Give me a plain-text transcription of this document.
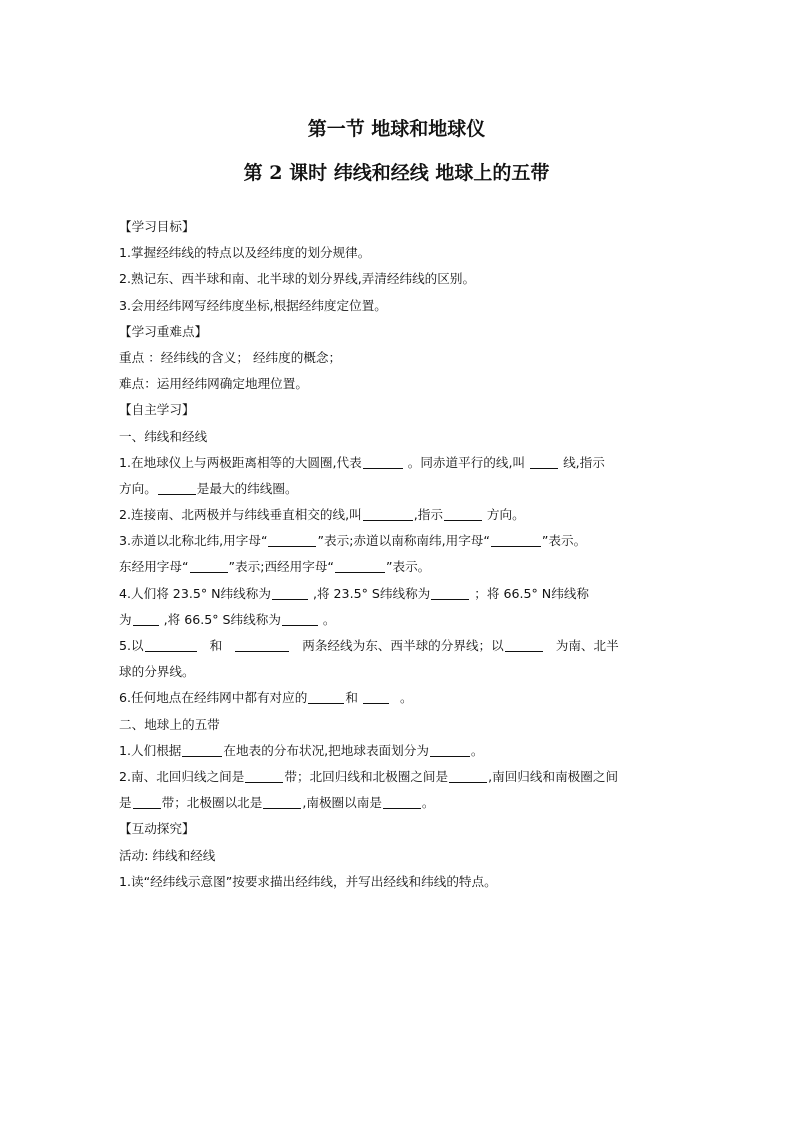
第一节 地球和地球仪
第 2 课时 纬线和经线 地球上的五带
【学习目标】
1.掌握经纬线的特点以及经纬度的划分规律。
2.熟记东、西半球和南、北半球的划分界线,弄清经纬线的区别。
3.会用经纬网写经纬度坐标,根据经纬度定位置。
【学习重难点】
重点 ：经纬线的含义； 经纬度的概念；
难点：运用经纬网确定地理位置。
【自主学习】
一、纬线和经线
1.在地球仪上与两极距离相等的大圆圈,代表	。同赤道平行的线,叫  线,指示
方向。	是最大的纬线圈。
2.连接南、北两极并与纬线垂直相交的线,叫	,指示	方向。
3.赤道以北称北纬,用字母“	”表示;赤道以南称南纬,用字母“	”表示。
东经用字母“	”表示;西经用字母“	”表示。
4.人们将 23.5° N纬线称为	,将 23.5° S纬线称为	；将 66.5° N纬线称
为 ,将 66.5° S纬线称为	。
5.以	和	两条经线为东、西半球的分界线；以	为南、北半
球的分界线。
6.任何地点在经纬网中都有对应的	和	。
二、地球上的五带
1.人们根据	在地表的分布状况,把地球表面划分为	。
2.南、北回归线之间是	带；北回归线和北极圈之间是	,南回归线和南极圈之间
是 带；北极圈以北是	,南极圈以南是	。
【互动探究】
活动: 纬线和经线
1.读“经纬线示意图”按要求描出经纬线，并写出经线和纬线的特点。
